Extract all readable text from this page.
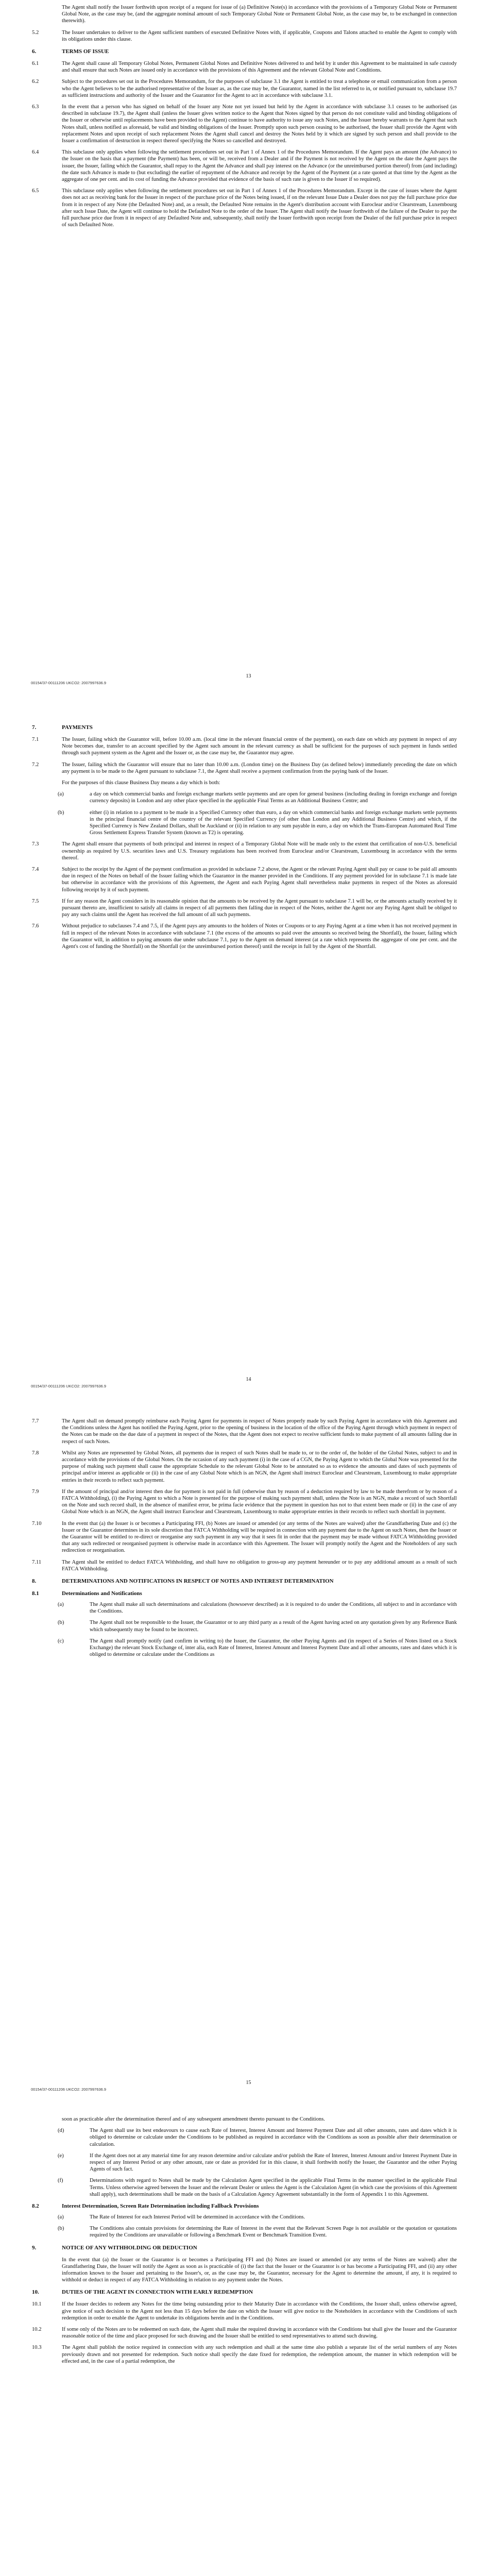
The Agent shall notify the Issuer forthwith upon receipt of a request for issue of (a) Definitive Note(s) in accordance with the provisions of a Temporary Global Note or Permanent Global Note, as the case may be, (and the aggregate nominal amount of such Temporary Global Note or Permanent Global Note, as the case may be, to be exchanged in connection therewith).
5.2	The Issuer undertakes to deliver to the Agent sufficient numbers of executed Definitive Notes with, if applicable, Coupons and Talons attached to enable the Agent to comply with its obligations under this clause.
6.	TERMS OF ISSUE
6.1	The Agent shall cause all Temporary Global Notes, Permanent Global Notes and Definitive Notes delivered to and held by it under this Agreement to be maintained in safe custody and shall ensure that such Notes are issued only in accordance with the provisions of this Agreement and the relevant Global Note and Conditions.
6.2	Subject to the procedures set out in the Procedures Memorandum, for the purposes of subclause 3.1 the Agent is entitled to treat a telephone or email communication from a person who the Agent believes to be the authorised representative of the Issuer as, as the case may be, the Guarantor, named in the list referred to in, or notified pursuant to, subclause 19.7 as sufficient instructions and authority of the Issuer and the Guarantor for the Agent to act in accordance with subclause 3.1.
6.3	In the event that a person who has signed on behalf of the Issuer any Note not yet issued but held by the Agent in accordance with subclause 3.1 ceases to be authorised (as described in subclause 19.7), the Agent shall (unless the Issuer gives written notice to the Agent that Notes signed by that person do not constitute valid and binding obligations of the Issuer or otherwise until replacements have been provided to the Agent) continue to have authority to issue any such Notes, and the Issuer hereby warrants to the Agent that such Notes shall, unless notified as aforesaid, be valid and binding obligations of the Issuer. Promptly upon such person ceasing to be authorised, the Issuer shall provide the Agent with replacement Notes and upon receipt of such replacement Notes the Agent shall cancel and destroy the Notes held by it which are signed by such person and shall provide to the Issuer a confirmation of destruction in respect thereof specifying the Notes so cancelled and destroyed.
6.4	This subclause only applies when following the settlement procedures set out in Part 1 of Annex 1 of the Procedures Memorandum. If the Agent pays an amount (the Advance) to the Issuer on the basis that a payment (the Payment) has been, or will be, received from a Dealer and if the Payment is not received by the Agent on the date the Agent pays the issuer, the Issuer, failing which the Guarantor, shall repay to the Agent the Advance and shall pay interest on the Advance (or the unreimbursed portion thereof) from (and including) the date such Advance is made to (but excluding) the earlier of repayment of the Advance and receipt by the Agent of the Payment (at a rate quoted at that time by the Agent as the aggregate of one per cent. and its cost of funding the Advance provided that evidence of the basis of such rate is given to the Issuer if so required).
6.5	This subclause only applies when following the settlement procedures set out in Part 1 of Annex 1 of the Procedures Memorandum. Except in the case of issues where the Agent does not act as receiving bank for the Issuer in respect of the purchase price of the Notes being issued, if on the relevant Issue Date a Dealer does not pay the full purchase price due from it in respect of any Note (the Defaulted Note) and, as a result, the Defaulted Note remains in the Agent's distribution account with Euroclear and/or Clearstream, Luxembourg after such Issue Date, the Agent will continue to hold the Defaulted Note to the order of the Issuer. The Agent shall notify the Issuer forthwith of the failure of the Dealer to pay the full purchase price due from it in respect of any Defaulted Note and, subsequently, shall notify the Issuer forthwith upon receipt from the Dealer of the full purchase price in respect of such Defaulted Note.
00154/37-00111206 UKCO2: 2007997636.9
13
7.	PAYMENTS
7.1	The Issuer, failing which the Guarantor will, before 10.00 a.m. (local time in the relevant financial centre of the payment), on each date on which any payment in respect of any Note becomes due, transfer to an account specified by the Agent such amount in the relevant currency as shall be sufficient for the purposes of such payment in funds settled through such payment system as the Agent and the Issuer or, as the case may be, the Guarantor may agree.
7.2	The Issuer, failing which the Guarantor will ensure that no later than 10.00 a.m. (London time) on the Business Day (as defined below) immediately preceding the date on which any payment is to be made to the Agent pursuant to subclause 7.1, the Agent shall receive a payment confirmation from the paying bank of the Issuer.
For the purposes of this clause Business Day means a day which is both:
(a)	a day on which commercial banks and foreign exchange markets settle payments and are open for general business (including dealing in foreign exchange and foreign currency deposits) in London and any other place specified in the applicable Final Terms as an Additional Business Centre; and
(b)	either (i) in relation to a payment to be made in a Specified Currency other than euro, a day on which commercial banks and foreign exchange markets settle payments in the principal financial centre of the country of the relevant Specified Currency (of other than London and any Additional Business Centre) and which, if the Specified Currency is New Zealand Dollars, shall be Auckland or (ii) in relation to any sum payable in euro, a day on which the Trans-European Automated Real Time Gross Settlement Express Transfer System (known as T2) is operating.
7.3	The Agent shall ensure that payments of both principal and interest in respect of a Temporary Global Note will be made only to the extent that certification of non-U.S. beneficial ownership as required by U.S. securities laws and U.S. Treasury regulations has been received from Euroclear and/or Clearstream, Luxembourg in accordance with the terms thereof.
7.4	Subject to the receipt by the Agent of the payment confirmation as provided in subclause 7.2 above, the Agent or the relevant Paying Agent shall pay or cause to be paid all amounts due in respect of the Notes on behalf of the Issuer failing which the Guarantor in the manner provided in the Conditions. If any payment provided for in subclause 7.1 is made late but otherwise in accordance with the provisions of this Agreement, the Agent and each Paying Agent shall nevertheless make payments in respect of the Notes as aforesaid following receipt by it of such payment.
7.5	If for any reason the Agent considers in its reasonable opinion that the amounts to be received by the Agent pursuant to subclause 7.1 will be, or the amounts actually received by it pursuant thereto are, insufficient to satisfy all claims in respect of all payments then falling due in respect of the Notes, neither the Agent nor any Paying Agent shall be obliged to pay any such claims until the Agent has received the full amount of all such payments.
7.6	Without prejudice to subclauses 7.4 and 7.5, if the Agent pays any amounts to the holders of Notes or Coupons or to any Paying Agent at a time when it has not received payment in full in respect of the relevant Notes in accordance with subclause 7.1 (the excess of the amounts so paid over the amounts so received being the Shortfall), the Issuer, failing which the Guarantor will, in addition to paying amounts due under subclause 7.1, pay to the Agent on demand interest (at a rate which represents the aggregate of one per cent. and the Agent's cost of funding the Shortfall) on the Shortfall (or the unreimbursed portion thereof) until the receipt in full by the Agent of the Shortfall.
00154/37-00111206 UKCO2: 2007997636.9
14
7.7	The Agent shall on demand promptly reimburse each Paying Agent for payments in respect of Notes properly made by such Paying Agent in accordance with this Agreement and the Conditions unless the Agent has notified the Paying Agent, prior to the opening of business in the location of the office of the Paying Agent through which payment in respect of the Notes can be made on the due date of a payment in respect of the Notes, that the Agent does not expect to receive sufficient funds to make payment of all amounts falling due in respect of such Notes.
7.8	Whilst any Notes are represented by Global Notes, all payments due in respect of such Notes shall be made to, or to the order of, the holder of the Global Notes, subject to and in accordance with the provisions of the Global Notes. On the occasion of any such payment (i) in the case of a CGN, the Paying Agent to which the Global Note was presented for the purpose of making such payment shall cause the appropriate Schedule to the relevant Global Note to be annotated so as to evidence the amounts and dates of such payments of principal and/or interest as applicable or (ii) in the case of any Global Note which is an NGN, the Agent shall instruct Euroclear and Clearstream, Luxembourg to make appropriate entries in their records to reflect such payment.
7.9	If the amount of principal and/or interest then due for payment is not paid in full (otherwise than by reason of a deduction required by law to be made therefrom or by reason of a FATCA Withholding), (i) the Paying Agent to which a Note is presented for the purpose of making such payment shall, unless the Note is an NGN, make a record of such Shortfall on the Note and such record shall, in the absence of manifest error, be prima facie evidence that the payment in question has not to that extent been made or (ii) in the case of any Global Note which is an NGN, the Agent shall instruct Euroclear and Clearstream, Luxembourg to make appropriate entries in their records to reflect such shortfall in payment.
7.10	In the event that (a) the Issuer is or becomes a Participating FFI, (b) Notes are issued or amended (or any terms of the Notes are waived) after the Grandfathering Date and (c) the Issuer or the Guarantor determines in its sole discretion that FATCA Withholding will be required in connection with any payment due to the Agent on such Notes, then the Issuer or the Guarantor will be entitled to re-direct or reorganise any such payment in any way that it sees fit in order that the payment may be made without FATCA Withholding provided that any such redirected or reorganised payment is otherwise made in accordance with this Agreement. The Issuer will promptly notify the Agent and the Noteholders of any such redirection or reorganisation.
7.11	The Agent shall be entitled to deduct FATCA Withholding, and shall have no obligation to gross-up any payment hereunder or to pay any additional amount as a result of such FATCA Withholding.
8.	DETERMINATIONS AND NOTIFICATIONS IN RESPECT OF NOTES AND INTEREST DETERMINATION
8.1	Determinations and Notifications
(a)	The Agent shall make all such determinations and calculations (howsoever described) as it is required to do under the Conditions, all subject to and in accordance with the Conditions.
(b)	The Agent shall not be responsible to the Issuer, the Guarantor or to any third party as a result of the Agent having acted on any quotation given by any Reference Bank which subsequently may be found to be incorrect.
(c)	The Agent shall promptly notify (and confirm in writing to) the Issuer, the Guarantor, the other Paying Agents and (in respect of a Series of Notes listed on a Stock Exchange) the relevant Stock Exchange of, inter alia, each Rate of Interest, Interest Amount and Interest Payment Date and all other amounts, rates and dates which it is obliged to determine or calculate under the Conditions as
00154/37-00111206 UKCO2: 2007997636.9
15
soon as practicable after the determination thereof and of any subsequent amendment thereto pursuant to the Conditions.
(d)	The Agent shall use its best endeavours to cause each Rate of Interest, Interest Amount and Interest Payment Date and all other amounts, rates and dates which it is obliged to determine or calculate under the Conditions to be published as required in accordance with the Conditions as soon as possible after their determination or calculation.
(e)	If the Agent does not at any material time for any reason determine and/or calculate and/or publish the Rate of Interest, Interest Amount and/or Interest Payment Date in respect of any Interest Period or any other amount, rate or date as provided for in this clause, it shall forthwith notify the Issuer, the Guarantor and the other Paying Agents of such fact.
(f)	Determinations with regard to Notes shall be made by the Calculation Agent specified in the applicable Final Terms in the manner specified in the applicable Final Terms. Unless otherwise agreed between the Issuer and the relevant Dealer or unless the Agent is the Calculation Agent (in which case the provisions of this Agreement shall apply), such determinations shall be made on the basis of a Calculation Agency Agreement substantially in the form of Appendix 1 to this Agreement.
8.2	Interest Determination, Screen Rate Determination including Fallback Provisions
(a)	The Rate of Interest for each Interest Period will be determined in accordance with the Conditions.
(b)	The Conditions also contain provisions for determining the Rate of Interest in the event that the Relevant Screen Page is not available or the quotation or quotations required by the Conditions are unavailable or following a Benchmark Event or Benchmark Transition Event.
9.	NOTICE OF ANY WITHHOLDING OR DEDUCTION
In the event that (a) the Issuer or the Guarantor is or becomes a Participating FFI and (b) Notes are issued or amended (or any terms of the Notes are waived) after the Grandfathering Date, the Issuer will notify the Agent as soon as is practicable of (i) the fact that the Issuer or the Guarantor is or has become a Participating FFI, and (ii) any other information known to the Issuer and pertaining to the Issuer's, or, as the case may be, the Guarantor, necessary for the Agent to determine the amount, if any, it is required to withhold or deduct in respect of any FATCA Withholding in relation to any payment under the Notes.
10.	DUTIES OF THE AGENT IN CONNECTION WITH EARLY REDEMPTION
10.1	If the Issuer decides to redeem any Notes for the time being outstanding prior to their Maturity Date in accordance with the Conditions, the Issuer shall, unless otherwise agreed, give notice of such decision to the Agent not less than 15 days before the date on which the Issuer will give notice to the Noteholders in accordance with the Conditions of such redemption in order to enable the Agent to undertake its obligations herein and in the Conditions.
10.2	If some only of the Notes are to be redeemed on such date, the Agent shall make the required drawing in accordance with the Conditions but shall give the Issuer and the Guarantor reasonable notice of the time and place proposed for such drawing and the Issuer shall be entitled to send representatives to attend such drawing.
10.3	The Agent shall publish the notice required in connection with any such redemption and shall at the same time also publish a separate list of the serial numbers of any Notes previously drawn and not presented for redemption. Such notice shall specify the date fixed for redemption, the redemption amount, the manner in which redemption will be effected and, in the case of a partial redemption, the
